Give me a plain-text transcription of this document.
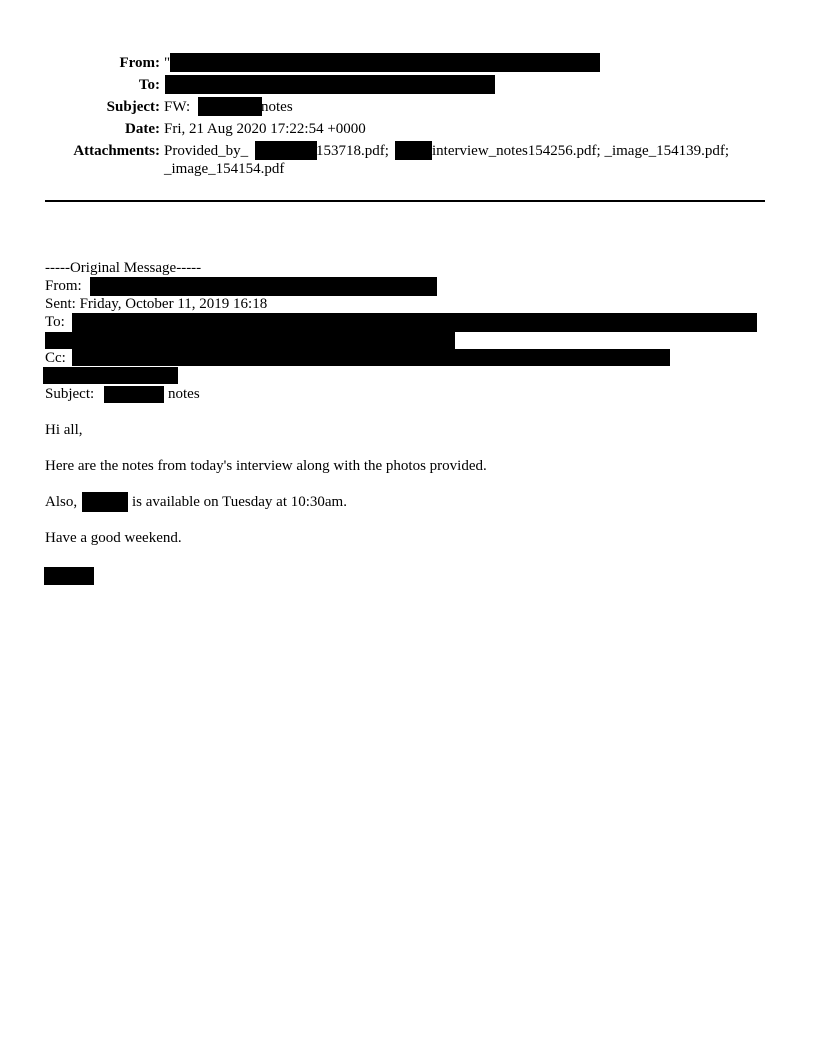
From: "
To:
Subject: FW:	notes
Date: Fri, 21 Aug 2020 17:22:54 +0000
Attachments: Provided_by_	153718.pdf;	interview_notes154256.pdf; _image_154139.pdf;
_image_154154.pdf
-----Original Message-----
From:
Sent: Friday, October 11, 2019 16:18
To:
Cc:
Subject:	notes
Hi all,
Here are the notes from today's interview along with the photos provided.
Also,	is available on Tuesday at 10:30am.
Have a good weekend.
